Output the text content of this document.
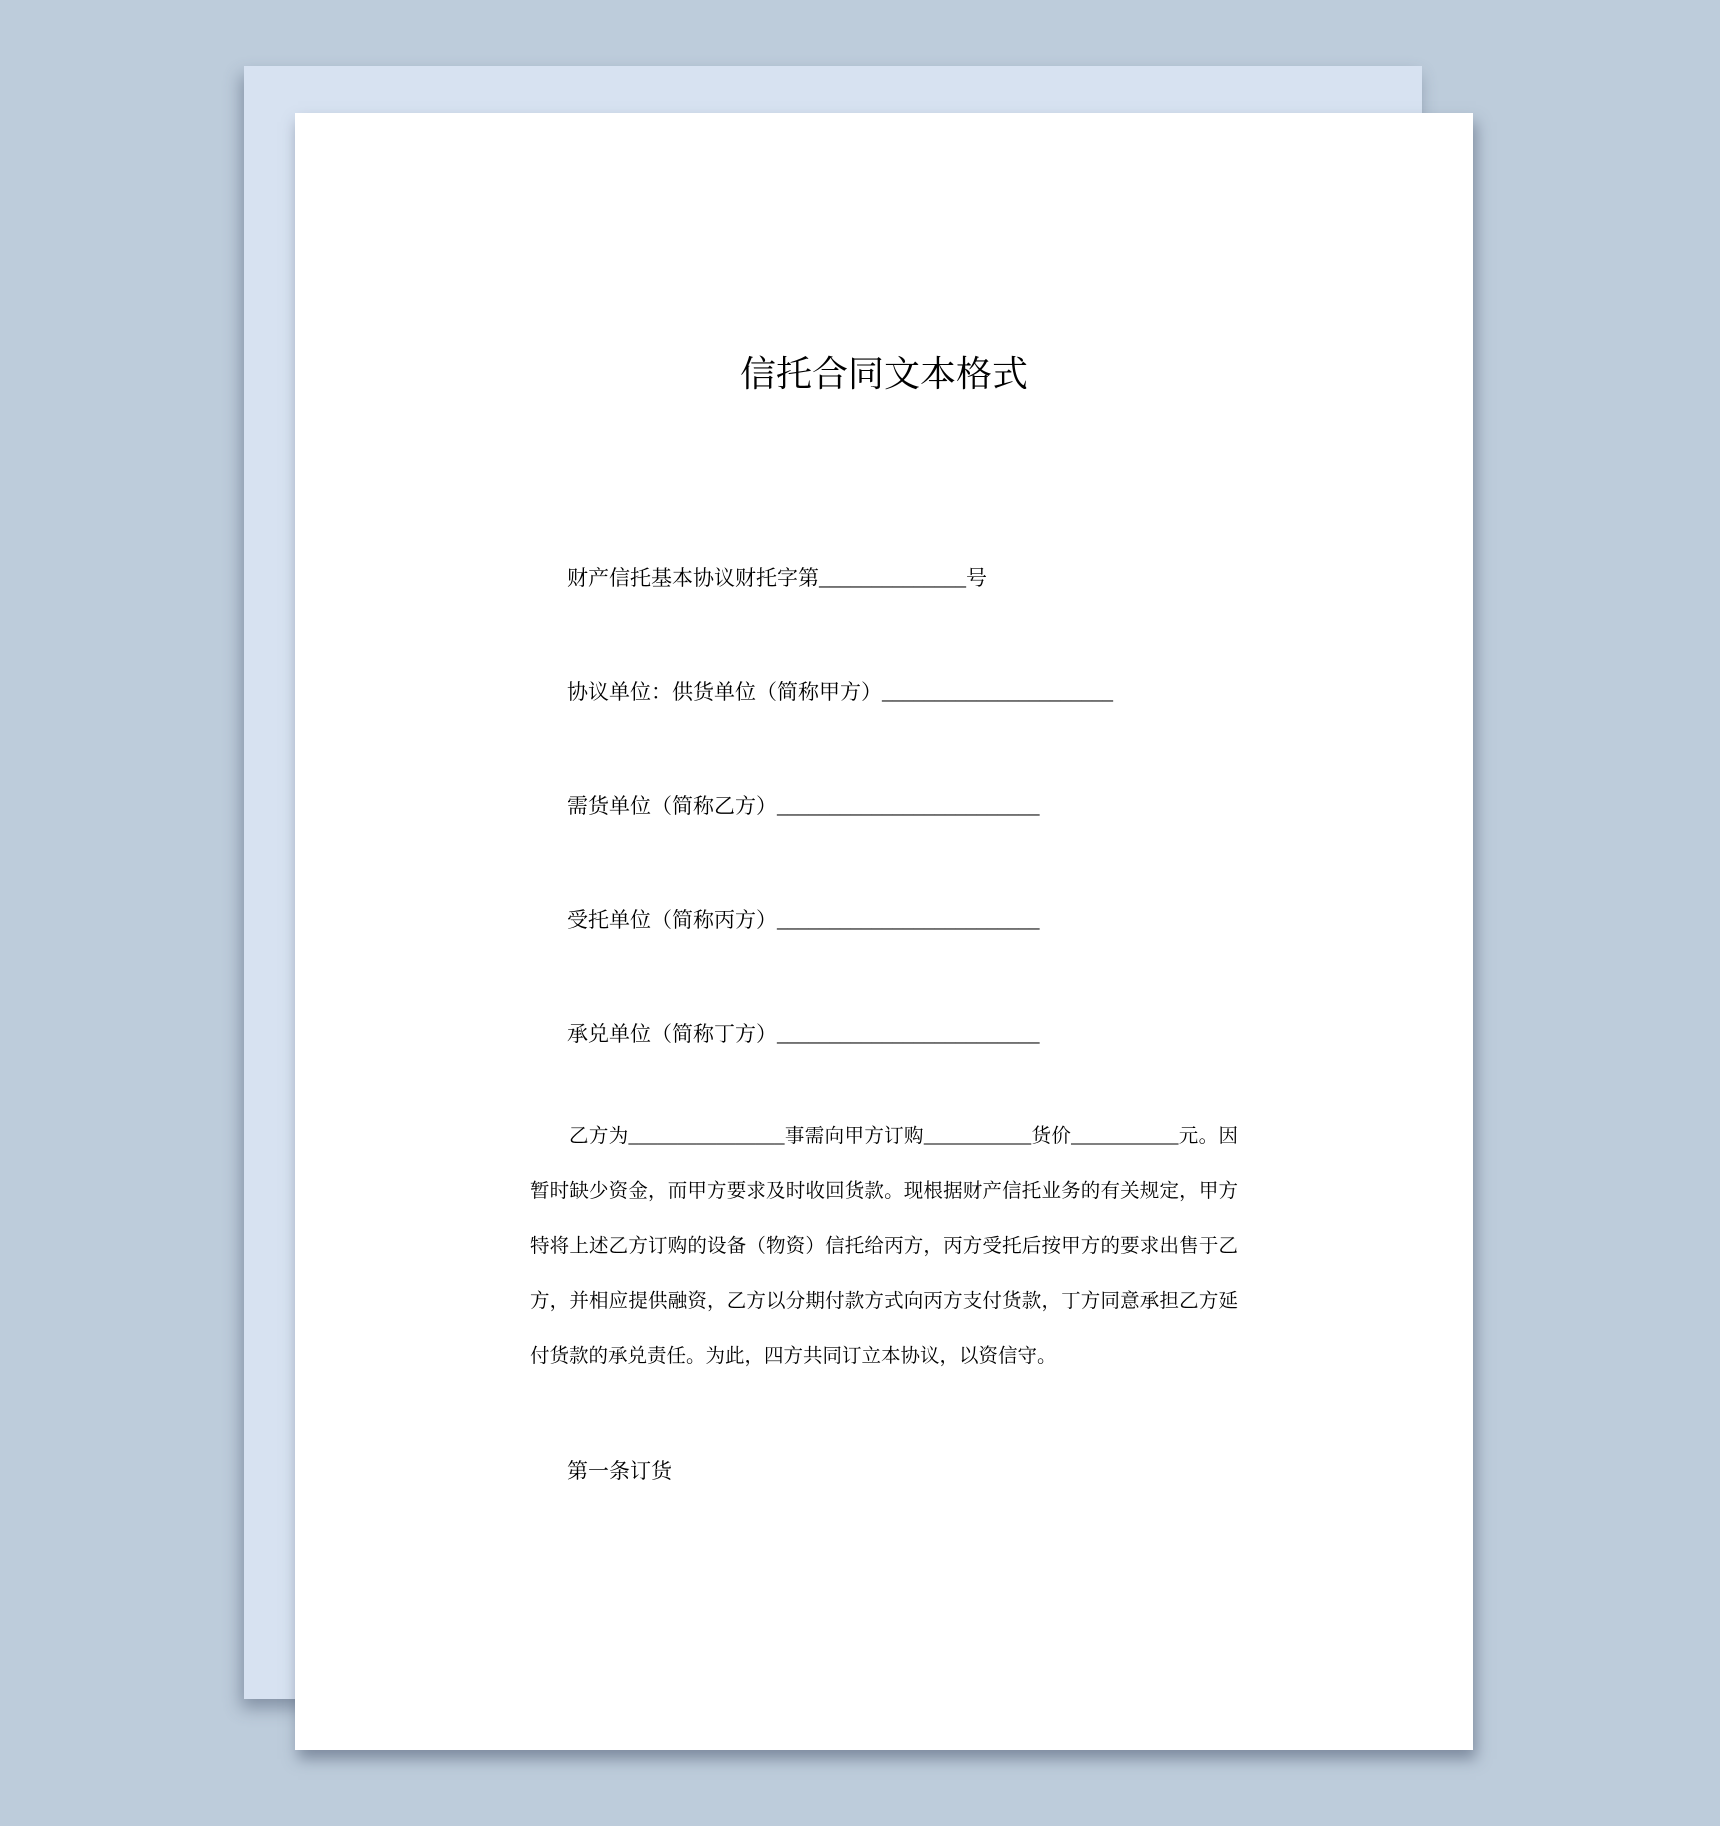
信托合同文本格式
财产信托基本协议财托字第______________号
协议单位：供货单位（简称甲方）______________________
需货单位（简称乙方）_________________________
受托单位（简称丙方）_________________________
承兑单位（简称丁方）_________________________

乙方为________________事需向甲方订购___________货价___________元。因暂时缺少资金，而甲方要求及时收回货款。现根据财产信托业务的有关规定，甲方特将上述乙方订购的设备（物资）信托给丙方，丙方受托后按甲方的要求出售于乙方，并相应提供融资，乙方以分期付款方式向丙方支付货款，丁方同意承担乙方延付货款的承兑责任。为此，四方共同订立本协议，以资信守。

第一条订货
